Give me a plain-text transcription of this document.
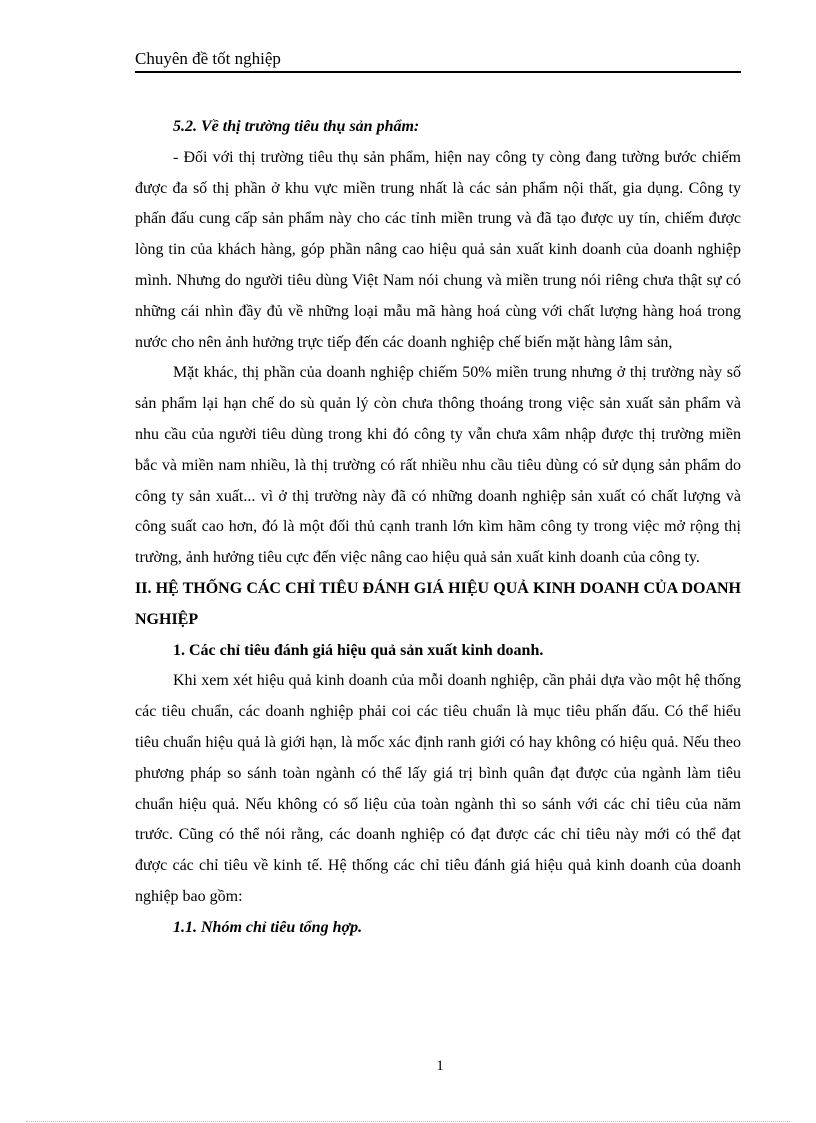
Chuyên đề tốt nghiệp

5.2. Về thị trường tiêu thụ sản phẩm:

- Đối với thị trường tiêu thụ sản phẩm, hiện nay công ty còng đang tường bước chiếm được đa số thị phần ở khu vực miền trung nhất là các sản phẩm nội thất, gia dụng. Công ty phấn đấu cung cấp sản phẩm này cho các tỉnh miền trung và đã tạo được uy tín, chiếm được lòng tin của khách hàng, góp phần nâng cao hiệu quả sản xuất kinh doanh của doanh nghiệp mình. Nhưng do người tiêu dùng Việt Nam nói chung và miền trung nói riêng chưa thật sự có những cái nhìn đầy đủ về những loại mẫu mã hàng hoá cùng với chất lượng hàng hoá trong nước cho nên ảnh hưởng trực tiếp đến các doanh nghiệp chế biến mặt hàng lâm sản,

Mặt khác, thị phần của doanh nghiệp chiếm 50% miền trung nhưng ở thị trường này số sản phẩm lại hạn chế do sù quản lý còn chưa thông thoáng trong việc sản xuất sản phẩm và nhu cầu của người tiêu dùng trong khi đó công ty vẫn chưa xâm nhập được thị trường miền bắc và miền nam nhiều, là thị trường có rất nhiều nhu cầu tiêu dùng có sử dụng sản phẩm do công ty sản xuất... vì ở thị trường này đã có những doanh nghiệp sản xuất có chất lượng và công suất cao hơn, đó là một đối thủ cạnh tranh lớn kìm hãm công ty trong việc mở rộng thị trường, ảnh hưởng tiêu cực đến việc nâng cao hiệu quả sản xuất kinh doanh của công ty.

II. HỆ THỐNG CÁC CHỈ TIÊU ĐÁNH GIÁ HIỆU QUẢ KINH DOANH CỦA DOANH NGHIỆP

1. Các chỉ tiêu đánh giá hiệu quả sản xuất kinh doanh.

Khi xem xét hiệu quả kinh doanh của mỗi doanh nghiệp, cần phải dựa vào một hệ thống các tiêu chuẩn, các doanh nghiệp phải coi các tiêu chuẩn là mục tiêu phấn đấu. Có thể hiểu tiêu chuẩn hiệu quả là giới hạn, là mốc xác định ranh giới có hay không có hiệu quả. Nếu theo phương pháp so sánh toàn ngành có thể lấy giá trị bình quân đạt được của ngành làm tiêu chuẩn hiệu quả. Nếu không có số liệu của toàn ngành thì so sánh với các chỉ tiêu của năm trước. Cũng có thể nói rằng, các doanh nghiệp có đạt được các chỉ tiêu này mới có thể đạt được các chỉ tiêu về kinh tế. Hệ thống các chỉ tiêu đánh giá hiệu quả kinh doanh của doanh nghiệp bao gồm:

1.1. Nhóm chỉ tiêu tổng hợp.

1
